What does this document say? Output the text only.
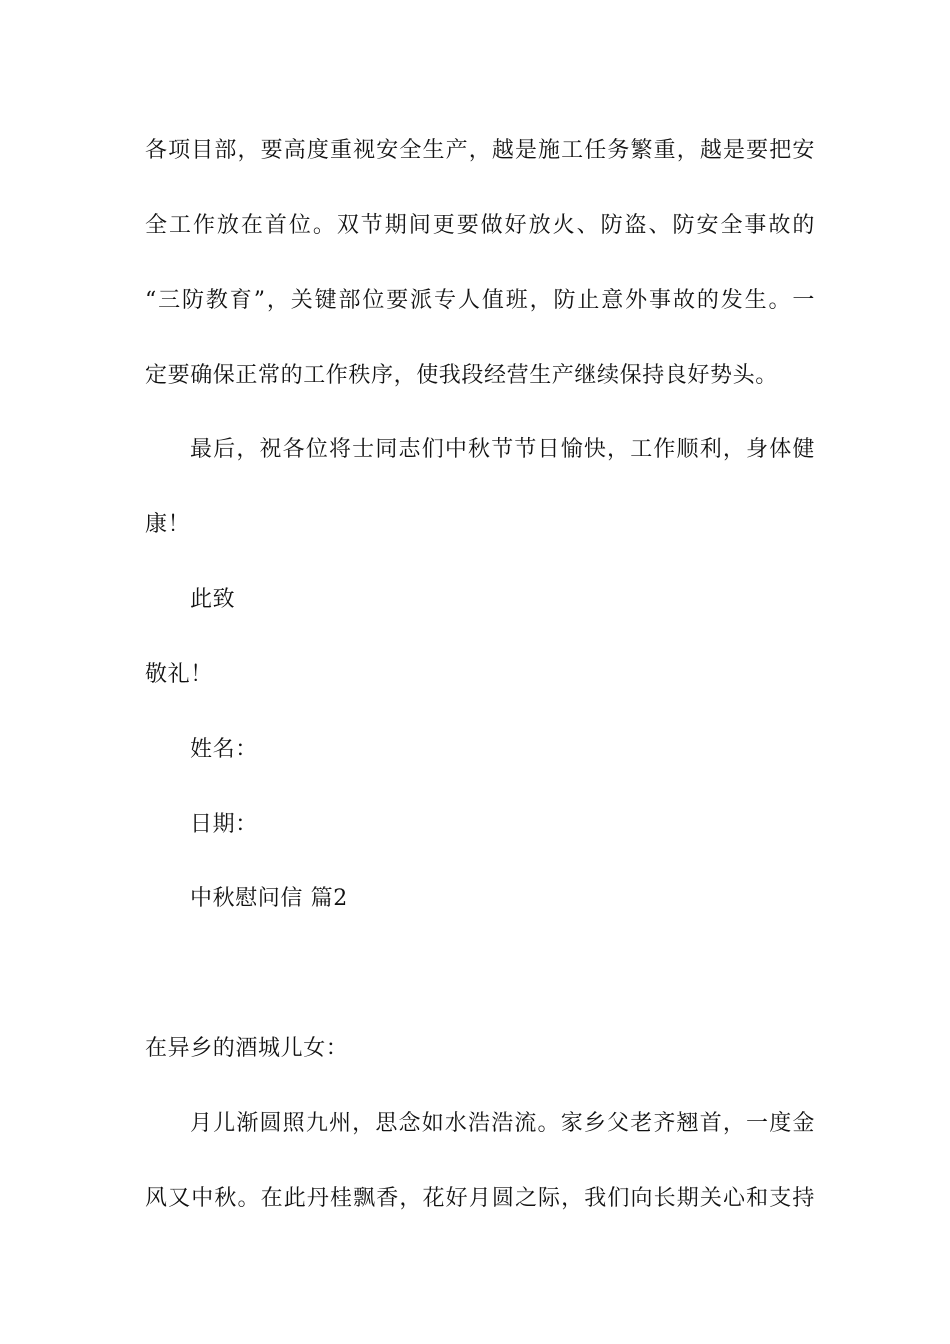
各项目部，要高度重视安全生产，越是施工任务繁重，越是要把安
全工作放在首位。双节期间更要做好放火、防盗、防安全事故的
“三防教育”，关键部位要派专人值班，防止意外事故的发生。一
定要确保正常的工作秩序，使我段经营生产继续保持良好势头。
最后，祝各位将士同志们中秋节节日愉快，工作顺利，身体健
康！
此致
敬礼！
姓名：
日期：
中秋慰问信 篇2
在异乡的酒城儿女：
月儿渐圆照九州，思念如水浩浩流。家乡父老齐翘首，一度金
风又中秋。在此丹桂飘香，花好月圆之际，我们向长期关心和支持
